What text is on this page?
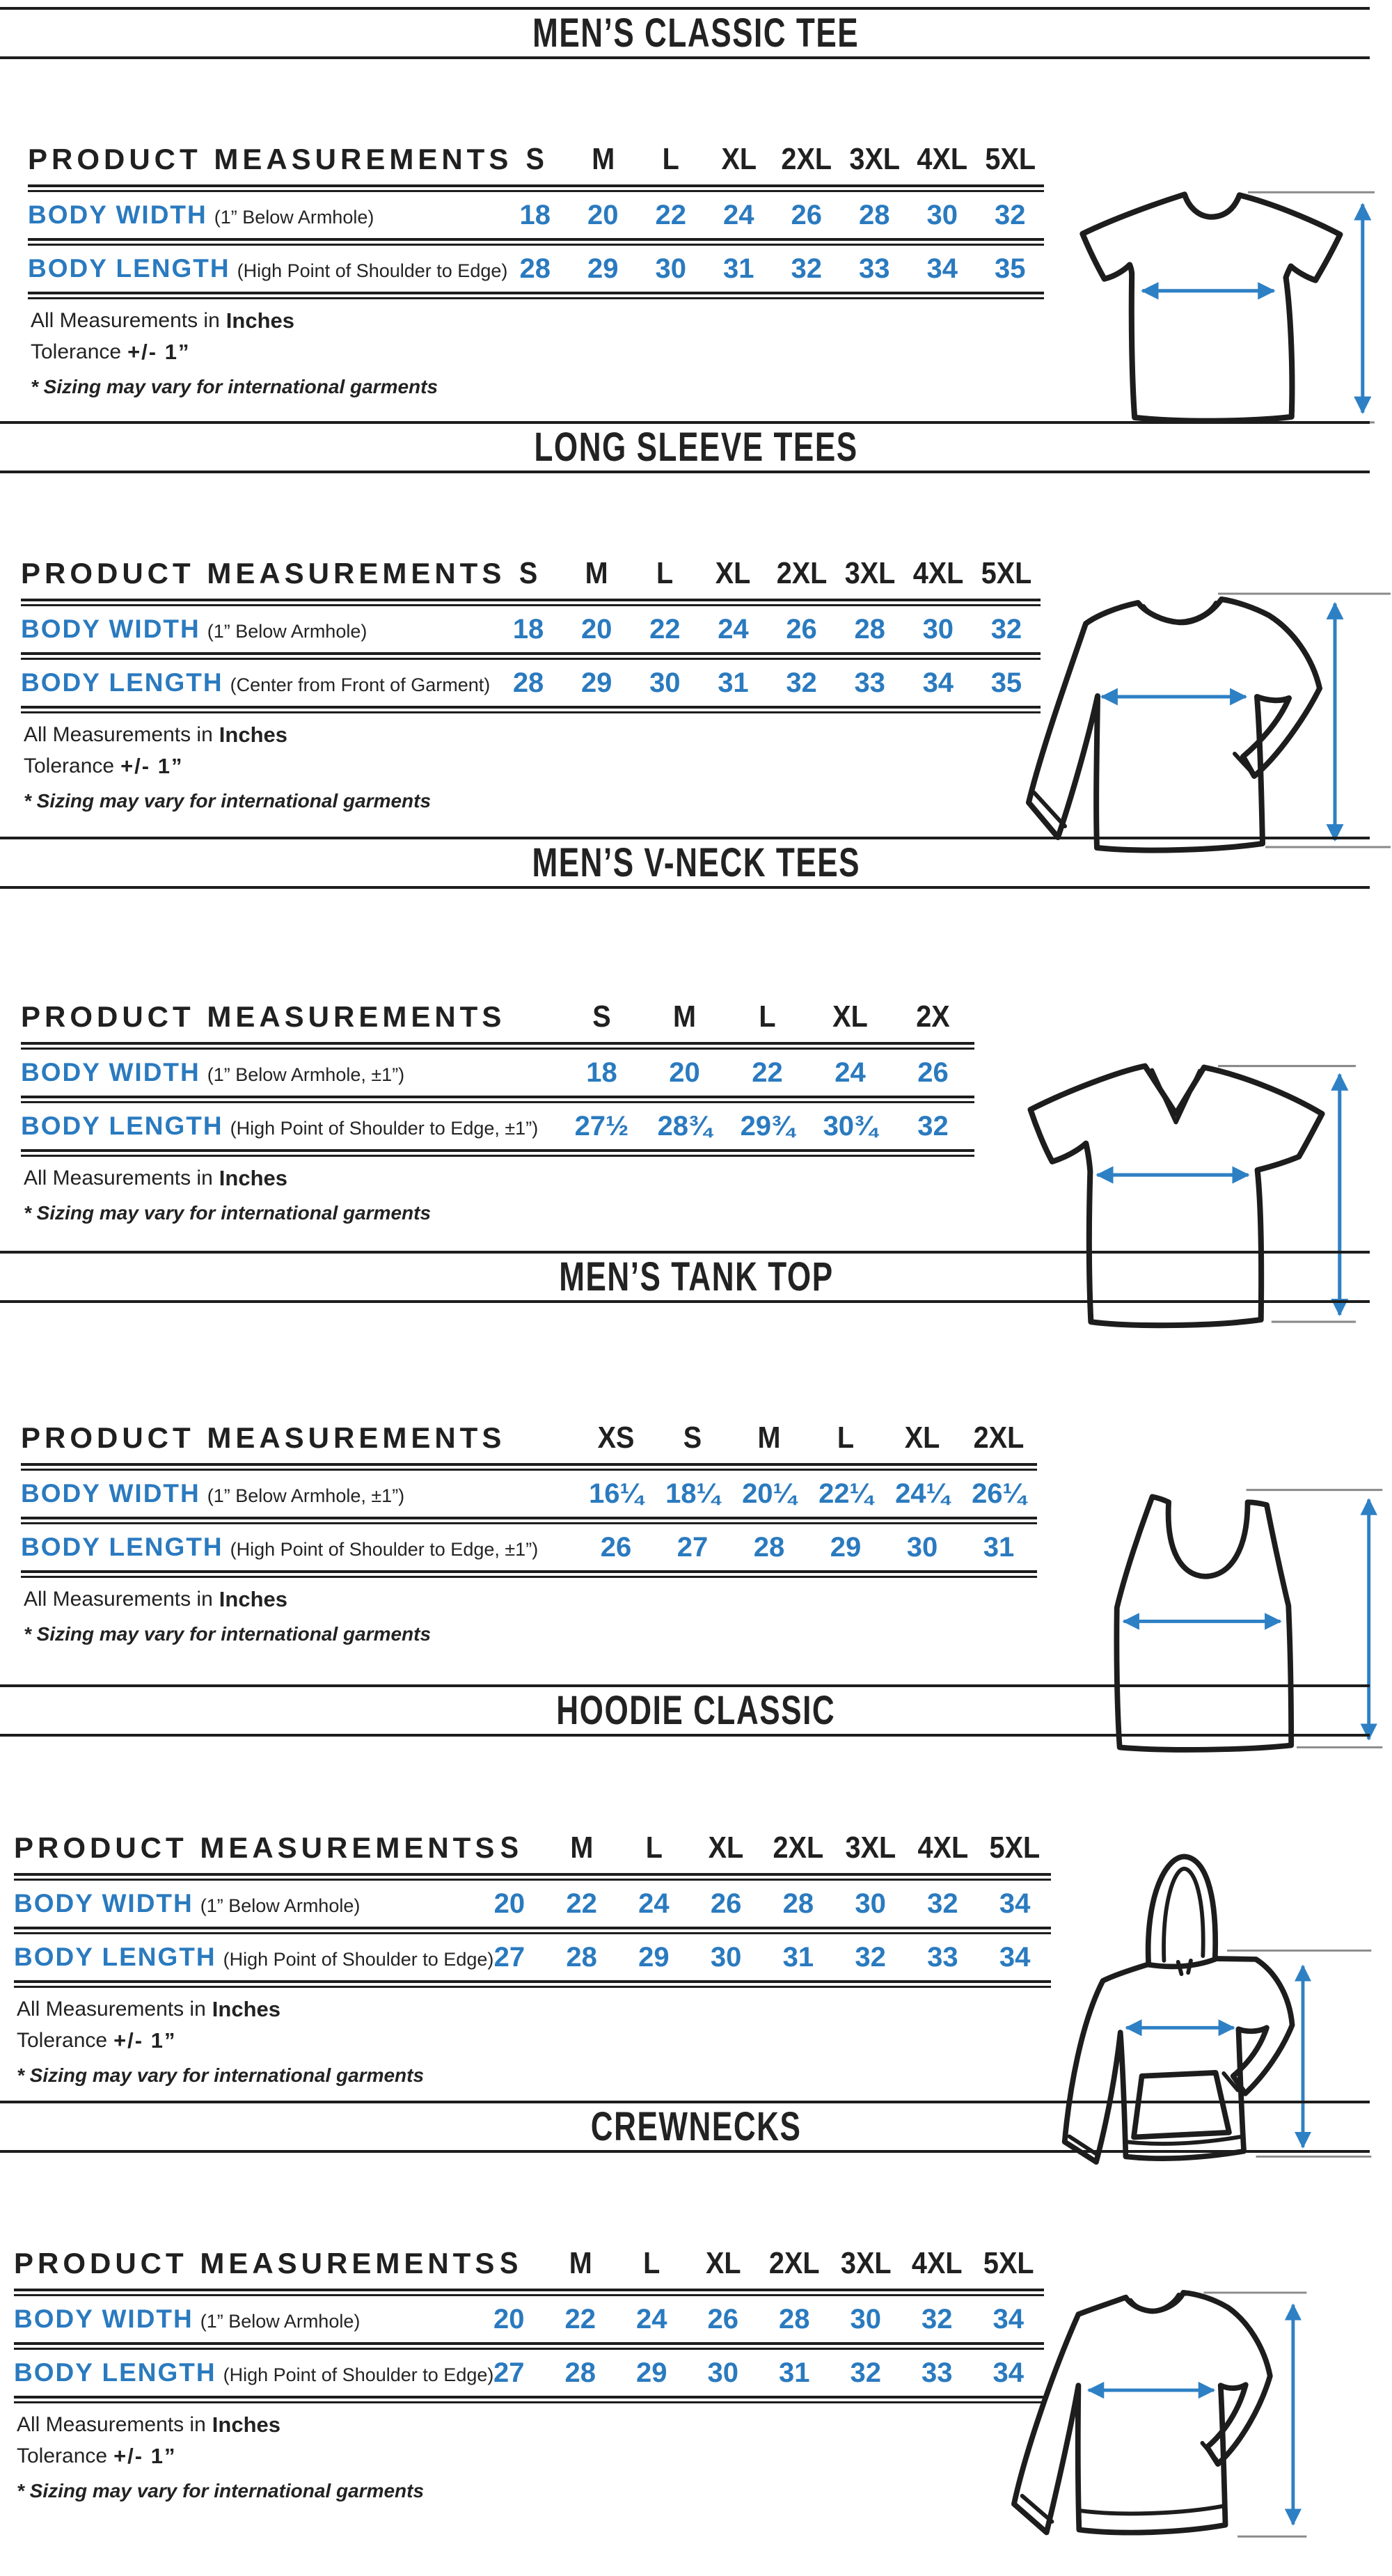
MEN’S CLASSIC TEE
PRODUCT MEASUREMENTS S	M	L	XL 2XL 3XL 4XL 5XL
BODY WIDTH (1” Below Armhole)	18	20	22	24	26	28	30	32
BODY LENGTH (High Point of Shoulder to Edge) 28	29	30	31	32	33	34	35
All Measurements in Inches
Tolerance +/- 1”
* Sizing may vary for international garments
LONG SLEEVE TEES
PRODUCT MEASUREMENTS S	M	L	XL 2XL 3XL 4XL 5XL
BODY WIDTH (1” Below Armhole)	18	20	22	24	26	28	30	32
BODY LENGTH (Center from Front of Garment) 28	29	30	31	32	33	34	35
All Measurements in Inches
Tolerance +/- 1”
* Sizing may vary for international garments
MEN’S V-NECK TEES
PRODUCT MEASUREMENTS	S	M	L	XL	2X
BODY WIDTH (1” Below Armhole, ±1”)	18	20	22	24	26
BODY LENGTH (High Point of Shoulder to Edge, ±1”)	27½	28¾	29¾	30¾	32
All Measurements in Inches
* Sizing may vary for international garments
MEN’S TANK TOP
PRODUCT MEASUREMENTS	XS	S	M	L	XL	2XL
BODY WIDTH (1” Below Armhole, ±1”)	16¼ 18¼ 20¼ 22¼ 24¼ 26¼
BODY LENGTH (High Point of Shoulder to Edge, ±1”)	26	27	28	29	30	31
All Measurements in Inches
* Sizing may vary for international garments
HOODIE CLASSIC
PRODUCT MEASUREMENTS S	M	L	XL 2XL 3XL 4XL 5XL
BODY WIDTH (1” Below Armhole)	20	22	24	26	28	30	32	34
BODY LENGTH (High Point of Shoulder to Edge) 27	28	29	30	31	32	33	34
All Measurements in Inches
Tolerance +/- 1”
* Sizing may vary for international garments
CREWNECKS
PRODUCT MEASUREMENTS S	M	L	XL 2XL 3XL 4XL 5XL
BODY WIDTH (1” Below Armhole)	20	22	24	26	28	30	32	34
BODY LENGTH (High Point of Shoulder to Edge) 27	28	29	30	31	32	33	34
All Measurements in Inches
Tolerance +/- 1”
* Sizing may vary for international garments
